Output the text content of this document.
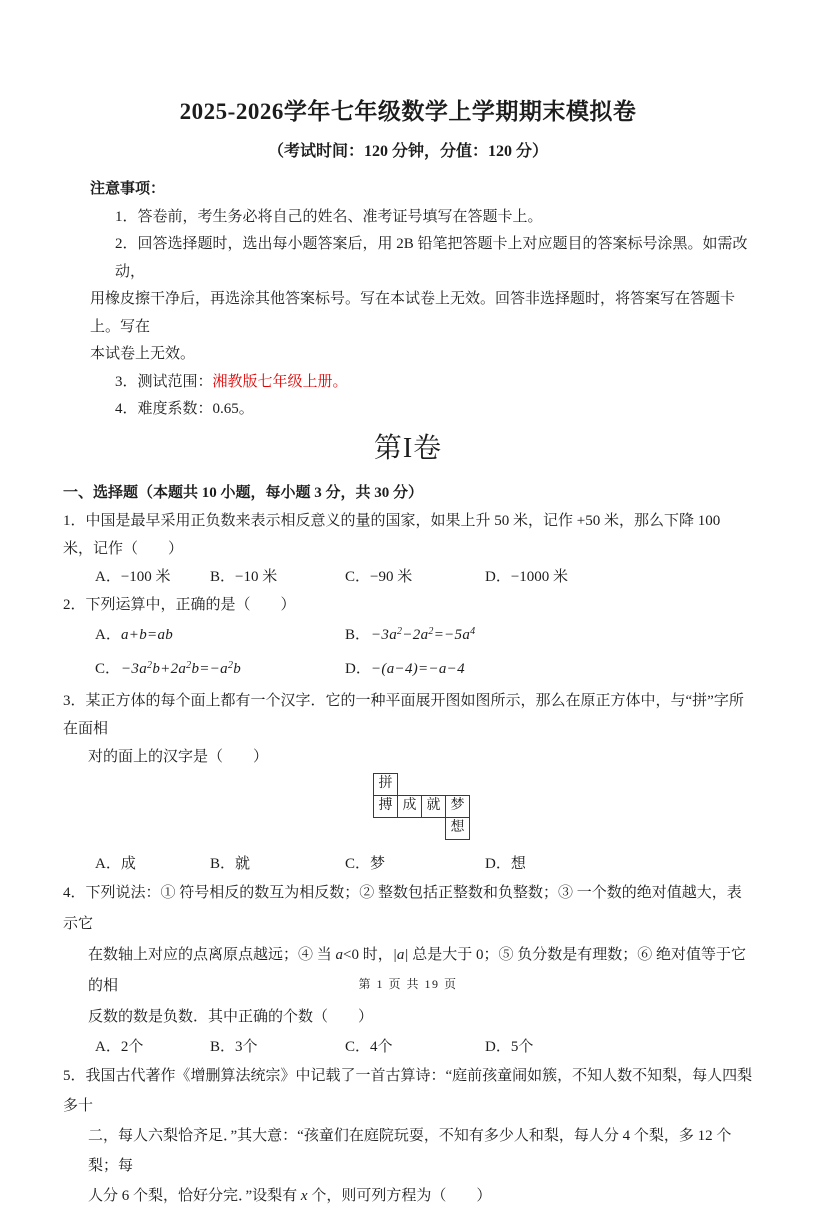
2025-2026学年七年级数学上学期期末模拟卷
（考试时间：120 分钟，分值：120 分）
注意事项：
1．答卷前，考生务必将自己的姓名、准考证号填写在答题卡上。
2．回答选择题时，选出每小题答案后，用 2B 铅笔把答题卡上对应题目的答案标号涂黑。如需改动，
用橡皮擦干净后，再选涂其他答案标号。写在本试卷上无效。回答非选择题时，将答案写在答题卡上。写在
本试卷上无效。
3．测试范围：湘教版七年级上册。
4．难度系数：0.65。
第I卷
一、选择题（本题共 10 小题，每小题 3 分，共 30 分）
1．中国是最早采用正负数来表示相反意义的量的国家，如果上升 50 米，记作 +50 米，那么下降 100 米，记作（　　）
A．−100 米	B．−10 米	C．−90 米	D．−1000 米
2．下列运算中，正确的是（　　）
A．a+b=ab	B．$-3a^2-2a^2=-5a^4$
C．$-3a^2b+2a^2b=-a^2b$	D．−(a−4)=−a−4
3．某正方体的每个面上都有一个汉字．它的一种平面展开图如图所示，那么在原正方体中，与“拼”字所在面相
对的面上的汉字是（　　）
拼
搏 成 就 梦
想
A．成	B．就	C．梦	D．想
4．下列说法：① 符号相反的数互为相反数；② 整数包括正整数和负整数；③ 一个数的绝对值越大，表示它
在数轴上对应的点离原点越远；④ 当 a<0 时，|a| 总是大于 0；⑤ 负分数是有理数；⑥ 绝对值等于它的相
反数的数是负数．其中正确的个数（　　）
A．2个	B．3个	C．4个	D．5个
5．我国古代著作《增删算法统宗》中记载了一首古算诗：“庭前孩童闹如簇，不知人数不知梨，每人四梨多十
二，每人六梨恰齐足．”其大意：“孩童们在庭院玩耍，不知有多少人和梨，每人分 4 个梨，多 12 个梨；每
人分 6 个梨，恰好分完．”设梨有 x 个，则可列方程为（　　）
第 1 页 共 19 页
